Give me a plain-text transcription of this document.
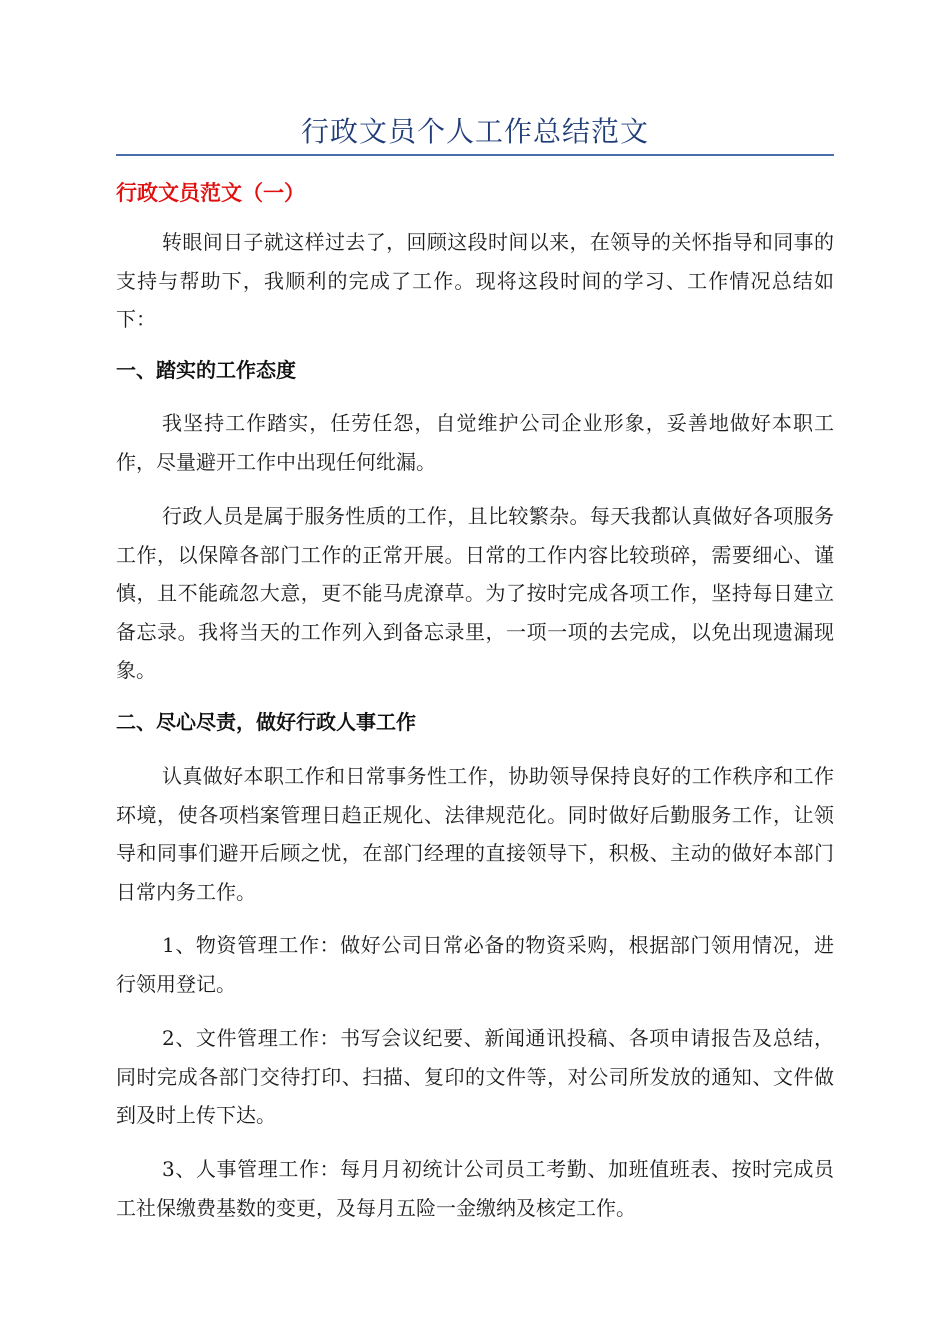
行政文员个人工作总结范文
行政文员范文（一）

转眼间日子就这样过去了，回顾这段时间以来，在领导的关怀指导和同事的支持与帮助下，我顺利的完成了工作。现将这段时间的学习、工作情况总结如下：

一、踏实的工作态度

我坚持工作踏实，任劳任怨，自觉维护公司企业形象，妥善地做好本职工作，尽量避开工作中出现任何纰漏。

行政人员是属于服务性质的工作，且比较繁杂。每天我都认真做好各项服务工作，以保障各部门工作的正常开展。日常的工作内容比较琐碎，需要细心、谨慎，且不能疏忽大意，更不能马虎潦草。为了按时完成各项工作，坚持每日建立备忘录。我将当天的工作列入到备忘录里，一项一项的去完成，以免出现遗漏现象。

二、尽心尽责，做好行政人事工作

认真做好本职工作和日常事务性工作，协助领导保持良好的工作秩序和工作环境，使各项档案管理日趋正规化、法律规范化。同时做好后勤服务工作，让领导和同事们避开后顾之忧，在部门经理的直接领导下，积极、主动的做好本部门日常内务工作。

1、物资管理工作：做好公司日常必备的物资采购，根据部门领用情况，进行领用登记。

2、文件管理工作：书写会议纪要、新闻通讯投稿、各项申请报告及总结，同时完成各部门交待打印、扫描、复印的文件等，对公司所发放的通知、文件做到及时上传下达。

3、人事管理工作：每月月初统计公司员工考勤、加班值班表、按时完成员工社保缴费基数的变更，及每月五险一金缴纳及核定工作。
